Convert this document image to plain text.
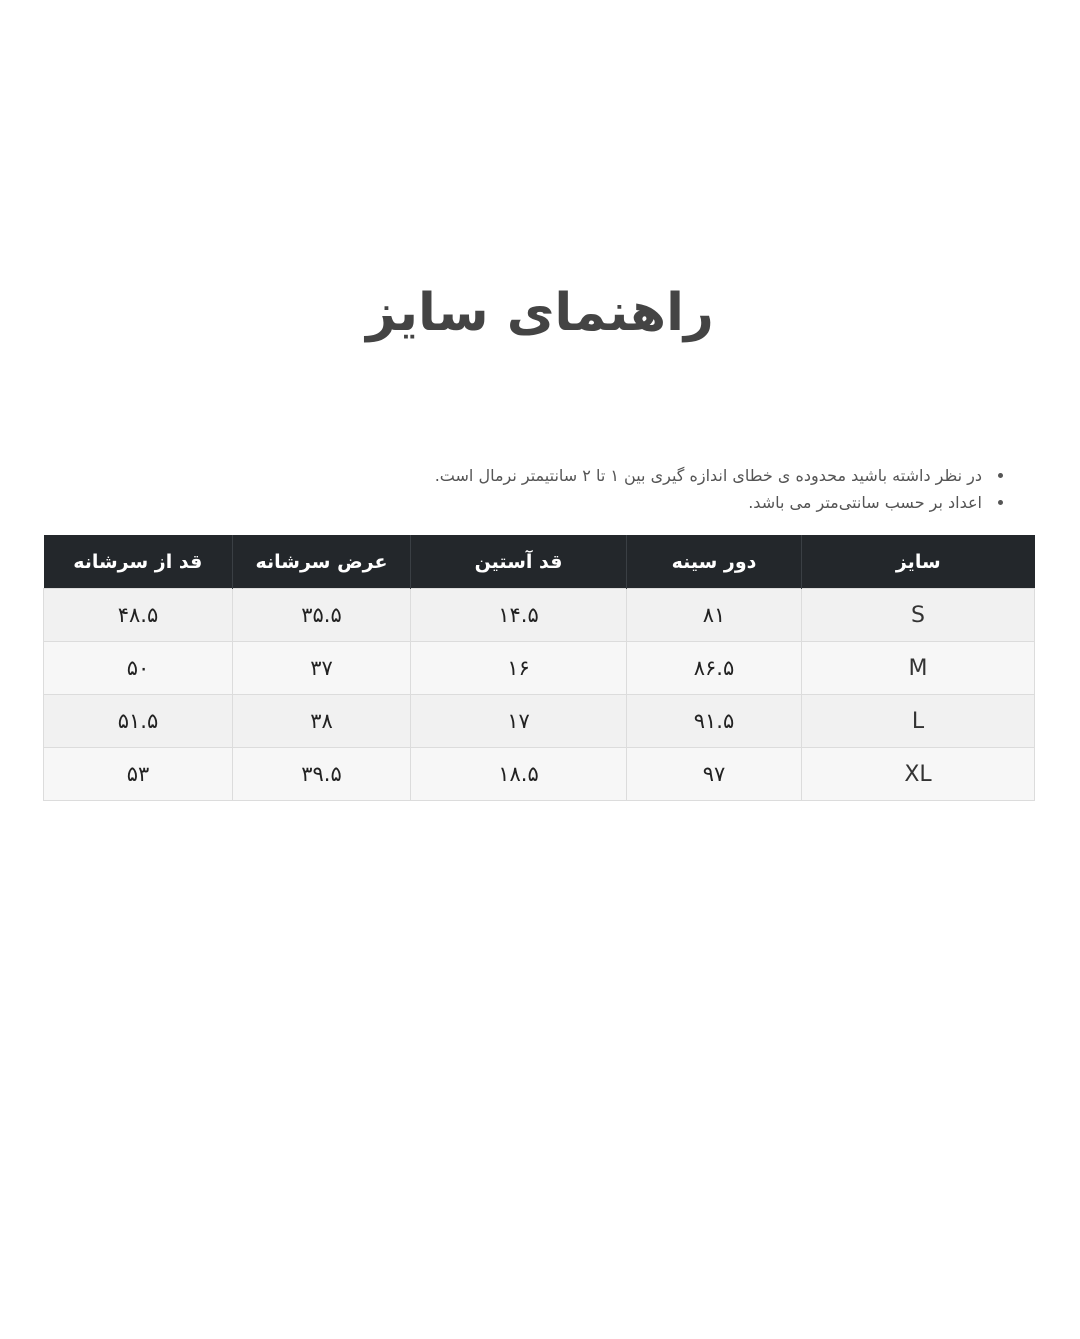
راهنمای سایز
• در نظر داشته باشید محدوده ی خطای اندازه گیری بین ۱ تا ۲ سانتیمتر نرمال است.
• اعداد بر حسب سانتی‌متر می باشد.
سایز	دور سینه	قد آستین	عرض سرشانه	قد از سرشانه
S	۸۱	۱۴.۵	۳۵.۵	۴۸.۵
M	۸۶.۵	۱۶	۳۷	۵۰
L	۹۱.۵	۱۷	۳۸	۵۱.۵
XL	۹۷	۱۸.۵	۳۹.۵	۵۳
